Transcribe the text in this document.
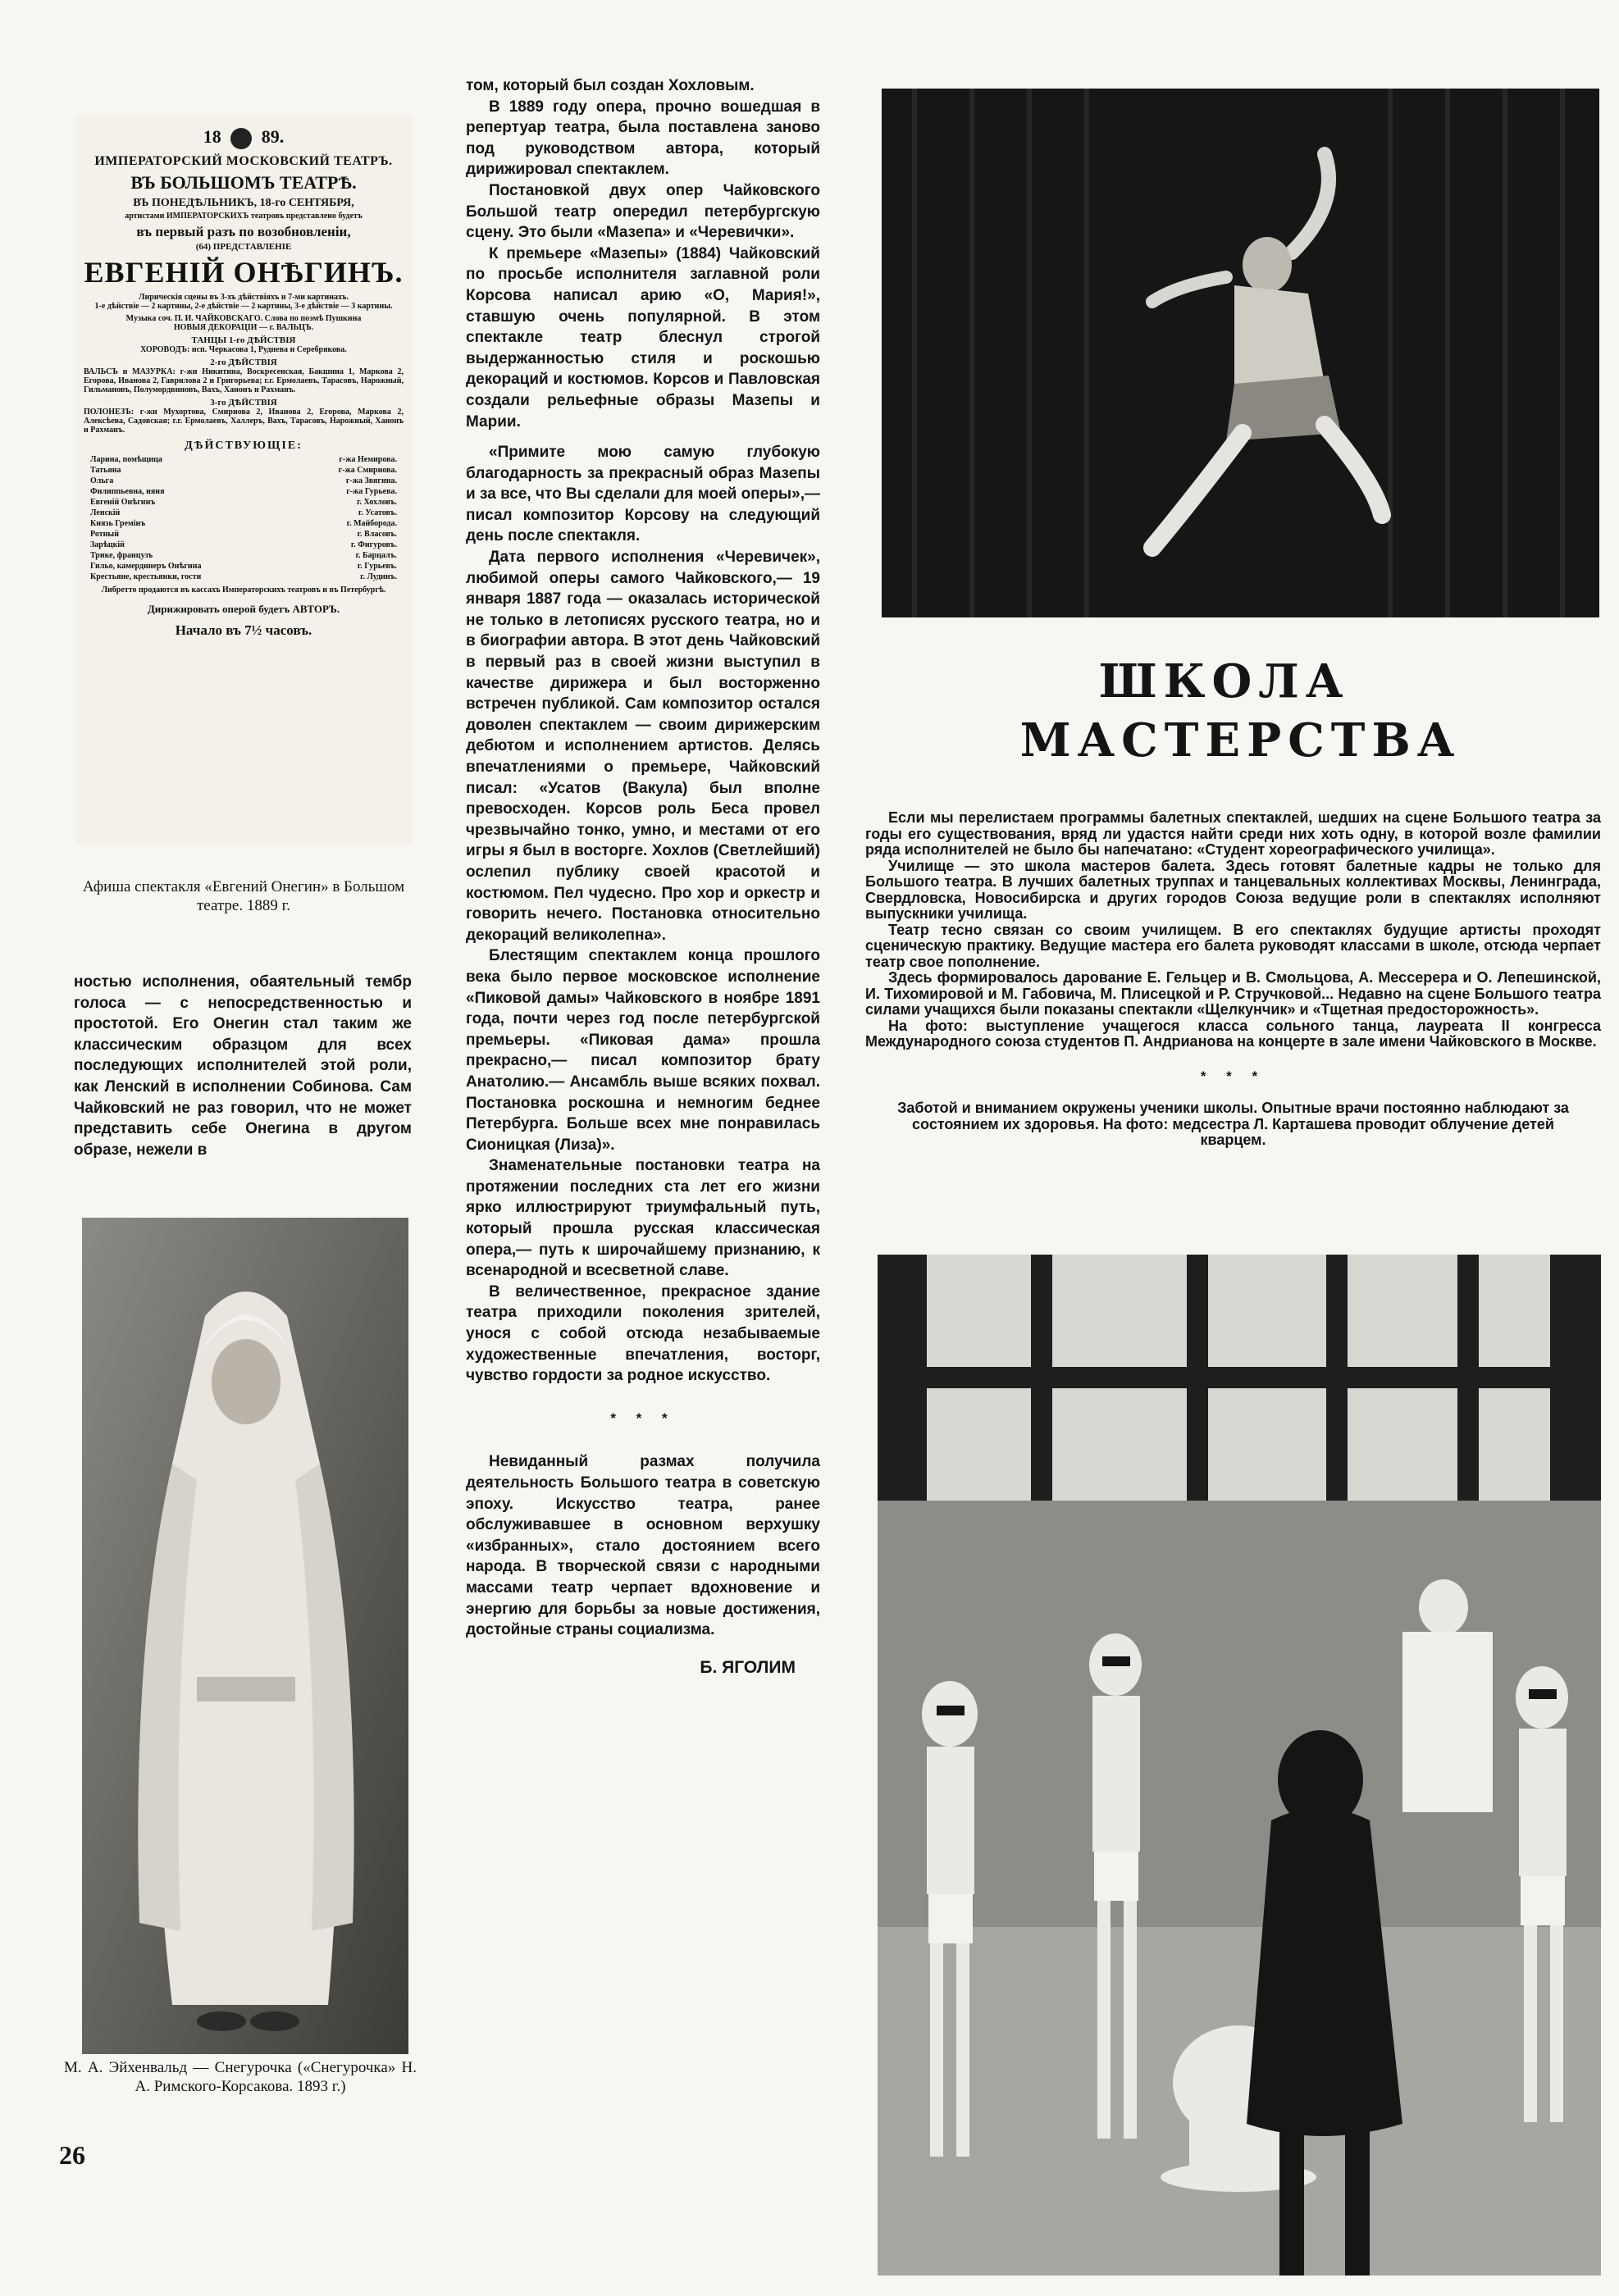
18 89.

ИМПЕРАТОРСКИЙ МОСКОВСКИЙ ТЕАТРЪ.

ВЪ БОЛЬШОМЪ ТЕАТРѢ.

ВЪ ПОНЕДѢЛЬНИКЪ, 18-го СЕНТЯБРЯ,

артистами ИМПЕРАТОРСКИХЪ театровъ представлено будетъ

въ первый разъ по возобновленіи,

(64) ПРЕДСТАВЛЕНІЕ

ЕВГЕНІЙ ОНѢГИНЪ.

Лирическія сцены въ 3-хъ дѣйствіяхъ и 7-ми картинахъ.

1-е дѣйствіе — 2 картины, 2-е дѣйствіе — 2 картины, 3-е дѣйствіе — 3 картины.

Музыка соч. П. И. ЧАЙКОВСКАГО. Слова по поэмѣ Пушкина

НОВЫЯ ДЕКОРАЦІИ — г. ВАЛЬЦЪ.

ТАНЦЫ 1-го ДѢЙСТВІЯ

ХОРОВОДЪ: исп. Черкасова 1, Руднева и Серебрякова.

2-го ДѢЙСТВІЯ

ВАЛЬСЪ и МАЗУРКА: г-жи Никитина, Воскресенская, Бакшина 1, Маркова 2, Егорова, Иванова 2, Гаврилова 2 и Григорьева; г.г. Ермолаевъ, Тарасовъ, Нарожный, Гильмановъ, Полумордвиновъ, Вахъ, Ханонъ и Рахманъ.

3-го ДѢЙСТВІЯ

ПОЛОНЕЗЪ: г-жи Мухортова, Смирнова 2, Иванова 2, Егорова, Маркова 2, Алексѣева, Садовская; г.г. Ермолаевъ, Халлеръ, Вахъ, Тарасовъ, Нарожный, Ханонъ и Рахманъ.

ДѢЙСТВУЮЩІЕ:

Ларина, помѣщица	г-жа Немирова.
Татьяна	г-жа Смирнова.
Ольга	г-жа Звягина.
Филиппьевна, няня	г-жа Гурьева.
Евгеній Онѣгинъ	г. Хохловъ.
Ленскій	г. Усатовъ.
Князь Гремінъ	г. Майборода.
Ротный	г. Власовъ.
Зарѣцкій	г. Фигуровъ.
Трике, французъ	г. Барцалъ.
Гильо, камердинеръ Онѣгина	г. Гурьевъ.
Крестьяне, крестьянки, гости	г. Лудинъ.

Либретто продаются въ кассахъ Императорскихъ театровъ и въ Петербургѣ.

Дирижировать оперой будетъ АВТОРЪ.

Начало въ 7½ часовъ.

Афиша спектакля «Евгений Онегин» в Большом театре. 1889 г.

ностью исполнения, обаятельный тембр голоса — с непосредственностью и простотой. Его Онегин стал таким же классическим образцом для всех последующих исполнителей этой роли, как Ленский в исполнении Собинова. Сам Чайковский не раз говорил, что не может представить себе Онегина в другом образе, нежели в

М. А. Эйхенвальд — Снегурочка («Снегурочка» Н. А. Римского-Корсакова. 1893 г.)
26

том, который был создан Хохловым.

В 1889 году опера, прочно вошедшая в репертуар театра, была поставлена заново под руководством автора, который дирижировал спектаклем.

Постановкой двух опер Чайковского Большой театр опередил петербургскую сцену. Это были «Мазепа» и «Черевички».

К премьере «Мазепы» (1884) Чайковский по просьбе исполнителя заглавной роли Корсова написал арию «О, Мария!», ставшую очень популярной. В этом спектакле театр блеснул строгой выдержанностью стиля и роскошью декораций и костюмов. Корсов и Павловская создали рельефные образы Мазепы и Марии.

«Примите мою самую глубокую благодарность за прекрасный образ Мазепы и за все, что Вы сделали для моей оперы»,— писал композитор Корсову на следующий день после спектакля.

Дата первого исполнения «Черевичек», любимой оперы самого Чайковского,— 19 января 1887 года — оказалась исторической не только в летописях русского театра, но и в биографии автора. В этот день Чайковский в первый раз в своей жизни выступил в качестве дирижера и был восторженно встречен публикой. Сам композитор остался доволен спектаклем — своим дирижерским дебютом и исполнением артистов. Делясь впечатлениями о премьере, Чайковский писал: «Усатов (Вакула) был вполне превосходен. Корсов роль Беса провел чрезвычайно тонко, умно, и местами от его игры я был в восторге. Хохлов (Светлейший) ослепил публику своей красотой и костюмом. Пел чудесно. Про хор и оркестр и говорить нечего. Постановка относительно декораций великолепна».

Блестящим спектаклем конца прошлого века было первое московское исполнение «Пиковой дамы» Чайковского в ноябре 1891 года, почти через год после петербургской премьеры. «Пиковая дама» прошла прекрасно,— писал композитор брату Анатолию.— Ансамбль выше всяких похвал. Постановка роскошна и немногим беднее Петербурга. Больше всех мне понравилась Сионицкая (Лиза)».

Знаменательные постановки театра на протяжении последних ста лет его жизни ярко иллюстрируют триумфальный путь, который прошла русская классическая опера,— путь к широчайшему признанию, к всенародной и всесветной славе.

В величественное, прекрасное здание театра приходили поколения зрителей, унося с собой отсюда незабываемые художественные впечатления, восторг, чувство гордости за родное искусство.

* * *

Невиданный размах получила деятельность Большого театра в советскую эпоху. Искусство театра, ранее обслуживавшее в основном верхушку «избранных», стало достоянием всего народа. В творческой связи с народными массами театр черпает вдохновение и энергию для борьбы за новые достижения, достойные страны социализма.

Б. ЯГОЛИМ
ШКОЛА
МАСТЕРСТВА

Если мы перелистаем программы балетных спектаклей, шедших на сцене Большого театра за годы его существования, вряд ли удастся найти среди них хоть одну, в которой возле фамилии ряда исполнителей не было бы напечатано: «Студент хореографического училища».

Училище — это школа мастеров балета. Здесь готовят балетные кадры не только для Большого театра. В лучших балетных труппах и танцевальных коллективах Москвы, Ленинграда, Свердловска, Новосибирска и других городов Союза ведущие роли в спектаклях исполняют выпускники училища.

Театр тесно связан со своим училищем. В его спектаклях будущие артисты проходят сценическую практику. Ведущие мастера его балета руководят классами в школе, отсюда черпает театр свое пополнение.

Здесь формировалось дарование Е. Гельцер и В. Смольцова, А. Мессерера и О. Лепешинской, И. Тихомировой и М. Габовича, М. Плисецкой и Р. Стручковой... Недавно на сцене Большого театра силами учащихся были показаны спектакли «Щелкунчик» и «Тщетная предосторожность».

На фото: выступление учащегося класса сольного танца, лауреата II конгресса Международного союза студентов П. Андрианова на концерте в зале имени Чайковского в Москве.

* * *

Заботой и вниманием окружены ученики школы. Опытные врачи постоянно наблюдают за состоянием их здоровья. На фото: медсестра Л. Карташева проводит облучение детей кварцем.
